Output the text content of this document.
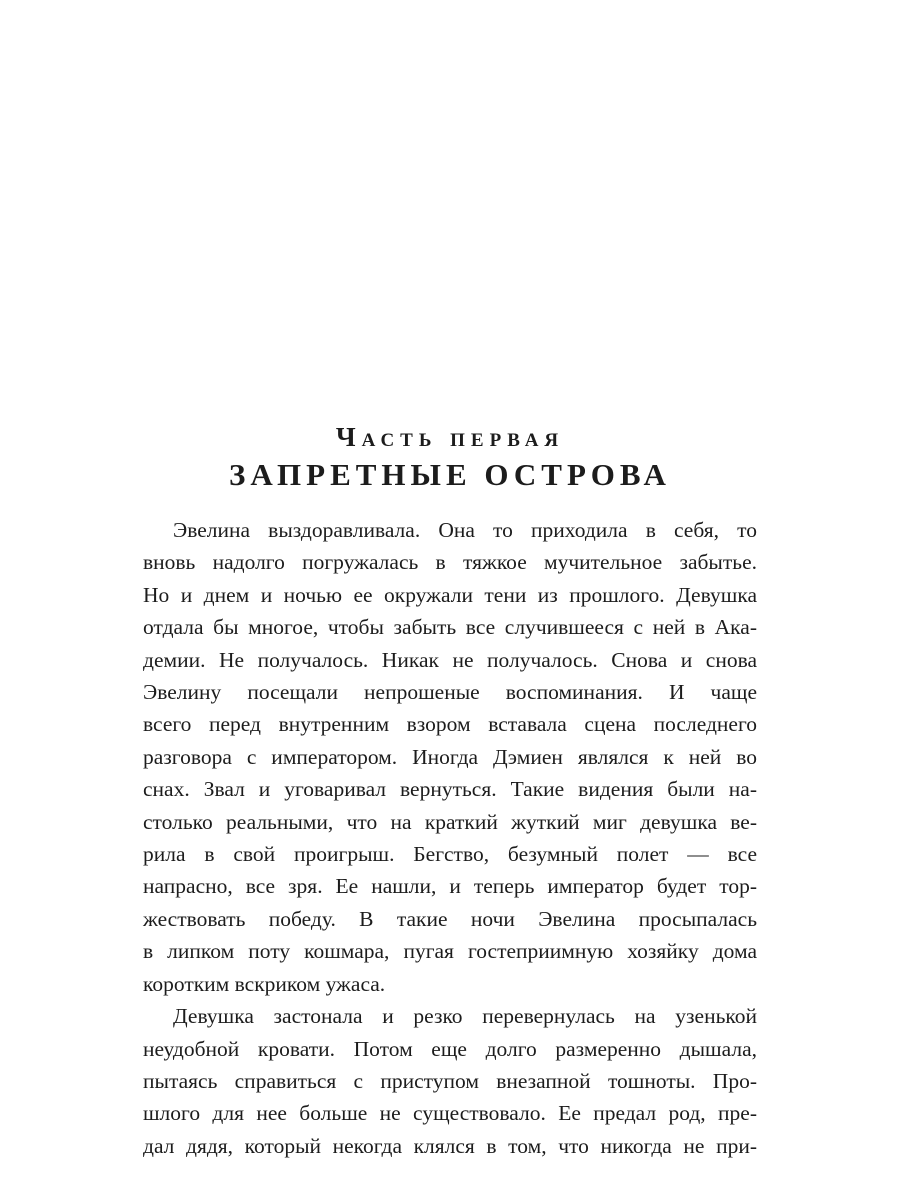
Часть первая
ЗАПРЕТНЫЕ ОСТРОВА
Эвелина выздоравливала. Она то приходила в себя, то
вновь надолго погружалась в тяжкое мучительное забытье.
Но и днем и ночью ее окружали тени из прошлого. Девушка
отдала бы многое, чтобы забыть все случившееся с ней в Ака-
демии. Не получалось. Никак не получалось. Снова и снова
Эвелину посещали непрошеные воспоминания. И чаще
всего перед внутренним взором вставала сцена последнего
разговора с императором. Иногда Дэмиен являлся к ней во
снах. Звал и уговаривал вернуться. Такие видения были на-
столько реальными, что на краткий жуткий миг девушка ве-
рила в свой проигрыш. Бегство, безумный полет — все
напрасно, все зря. Ее нашли, и теперь император будет тор-
жествовать победу. В такие ночи Эвелина просыпалась
в липком поту кошмара, пугая гостеприимную хозяйку дома
коротким вскриком ужаса.
Девушка застонала и резко перевернулась на узенькой
неудобной кровати. Потом еще долго размеренно дышала,
пытаясь справиться с приступом внезапной тошноты. Про-
шлого для нее больше не существовало. Ее предал род, пре-
дал дядя, который некогда клялся в том, что никогда не при-
